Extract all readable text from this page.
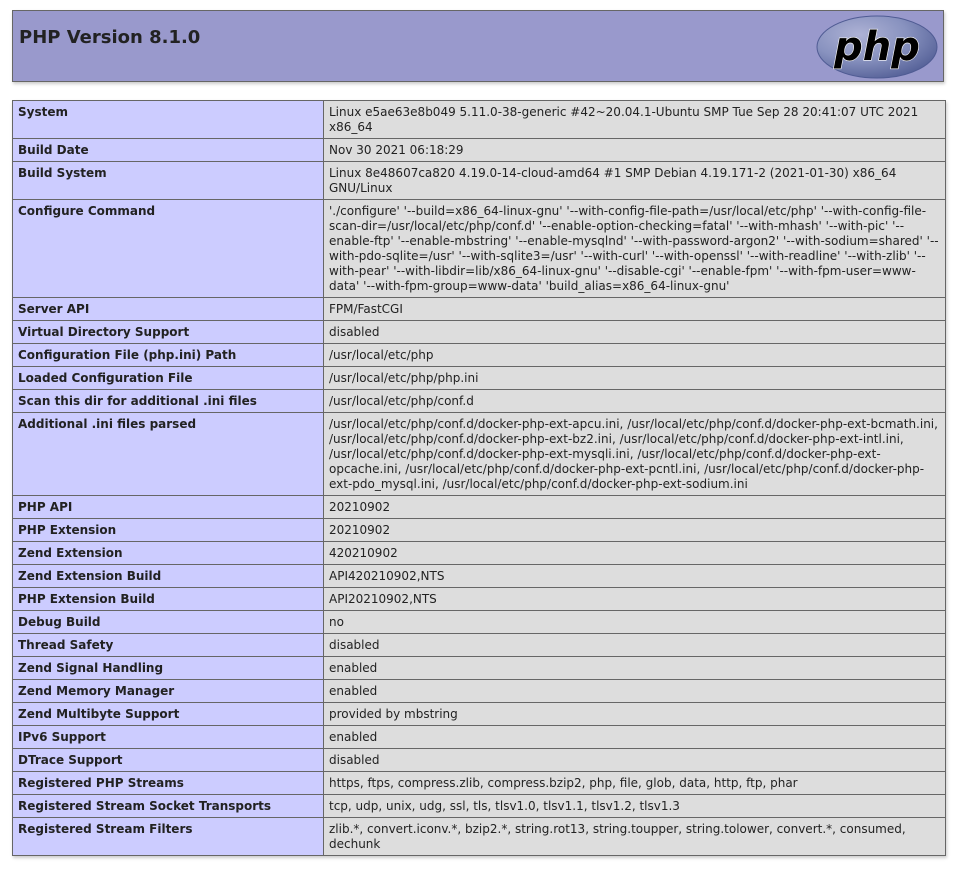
PHP Version 8.1.0	php
System	Linux e5ae63e8b049 5.11.0-38-generic #42~20.04.1-Ubuntu SMP Tue Sep 28 20:41:07 UTC 2021 x86_64
Build Date	Nov 30 2021 06:18:29
Build System	Linux 8e48607ca820 4.19.0-14-cloud-amd64 #1 SMP Debian 4.19.171-2 (2021-01-30) x86_64 GNU/Linux
Configure Command	'./configure' '--build=x86_64-linux-gnu' '--with-config-file-path=/usr/local/etc/php' '--with-config-file-scan-dir=/usr/local/etc/php/conf.d' '--enable-option-checking=fatal' '--with-mhash' '--with-pic' '--enable-ftp' '--enable-mbstring' '--enable-mysqlnd' '--with-password-argon2' '--with-sodium=shared' '--with-pdo-sqlite=/usr' '--with-sqlite3=/usr' '--with-curl' '--with-openssl' '--with-readline' '--with-zlib' '--with-pear' '--with-libdir=lib/x86_64-linux-gnu' '--disable-cgi' '--enable-fpm' '--with-fpm-user=www-data' '--with-fpm-group=www-data' 'build_alias=x86_64-linux-gnu'
Server API	FPM/FastCGI
Virtual Directory Support	disabled
Configuration File (php.ini) Path	/usr/local/etc/php
Loaded Configuration File	/usr/local/etc/php/php.ini
Scan this dir for additional .ini files	/usr/local/etc/php/conf.d
Additional .ini files parsed	/usr/local/etc/php/conf.d/docker-php-ext-apcu.ini, /usr/local/etc/php/conf.d/docker-php-ext-bcmath.ini, /usr/local/etc/php/conf.d/docker-php-ext-bz2.ini, /usr/local/etc/php/conf.d/docker-php-ext-intl.ini, /usr/local/etc/php/conf.d/docker-php-ext-mysqli.ini, /usr/local/etc/php/conf.d/docker-php-ext-opcache.ini, /usr/local/etc/php/conf.d/docker-php-ext-pcntl.ini, /usr/local/etc/php/conf.d/docker-php-ext-pdo_mysql.ini, /usr/local/etc/php/conf.d/docker-php-ext-sodium.ini
PHP API	20210902
PHP Extension	20210902
Zend Extension	420210902
Zend Extension Build	API420210902,NTS
PHP Extension Build	API20210902,NTS
Debug Build	no
Thread Safety	disabled
Zend Signal Handling	enabled
Zend Memory Manager	enabled
Zend Multibyte Support	provided by mbstring
IPv6 Support	enabled
DTrace Support	disabled
Registered PHP Streams	https, ftps, compress.zlib, compress.bzip2, php, file, glob, data, http, ftp, phar
Registered Stream Socket Transports	tcp, udp, unix, udg, ssl, tls, tlsv1.0, tlsv1.1, tlsv1.2, tlsv1.3
Registered Stream Filters	zlib.*, convert.iconv.*, bzip2.*, string.rot13, string.toupper, string.tolower, convert.*, consumed, dechunk
